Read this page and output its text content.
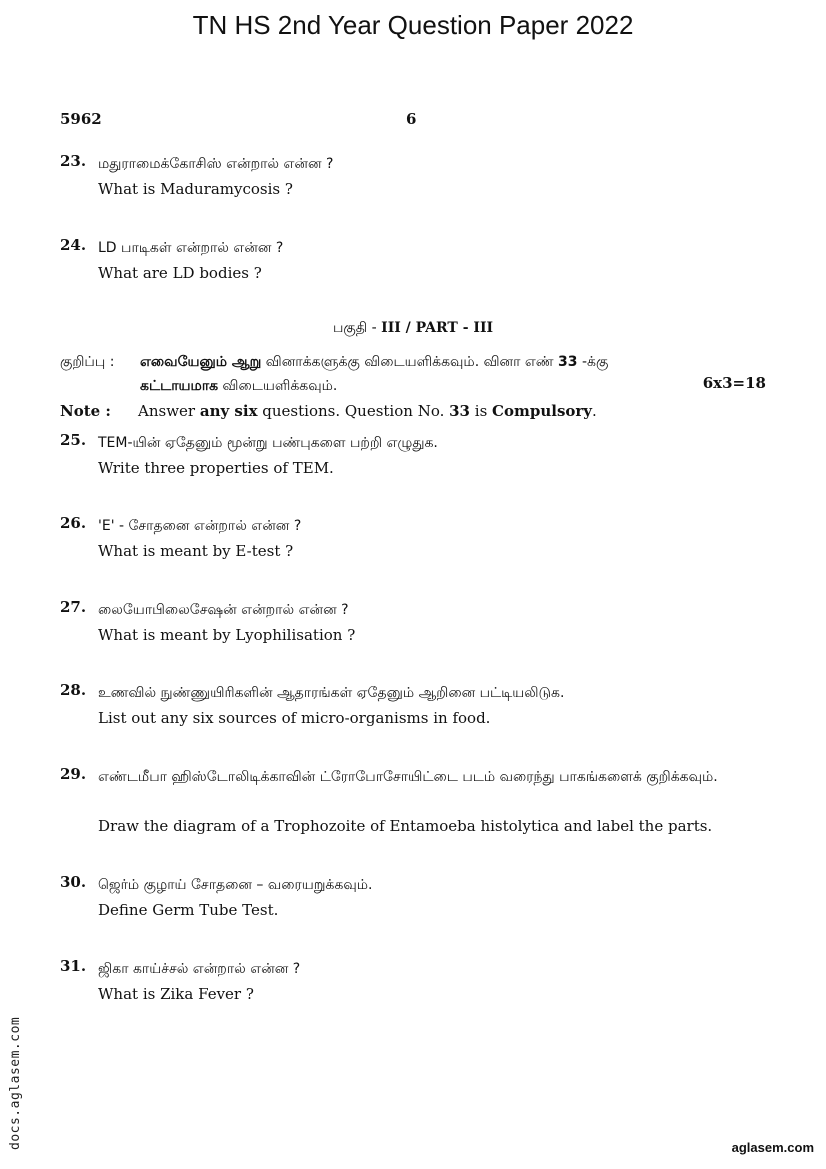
TN HS 2nd Year Question Paper 2022
5962	6
23. மதுராமைக்கோசிஸ் என்றால் என்ன ?
What is Maduramycosis ?
24. LD பாடிகள் என்றால் என்ன ?
What are LD bodies ?
பகுதி - III / PART - III
குறிப்பு : எவையேனும் ஆறு வினாக்களுக்கு விடையளிக்கவும். வினா எண் 33 -க்கு
கட்டாயமாக விடையளிக்கவும்.	6x3=18
Note : Answer any six questions. Question No. 33 is Compulsory.
25. TEM-யின் ஏதேனும் மூன்று பண்புகளை பற்றி எழுதுக.
Write three properties of TEM.
26. 'E' - சோதனை என்றால் என்ன ?
What is meant by E-test ?
27. லையோபிலைசேஷன் என்றால் என்ன ?
What is meant by Lyophilisation ?
28. உணவில் நுண்ணுயிரிகளின் ஆதாரங்கள் ஏதேனும் ஆறினை பட்டியலிடுக.
List out any six sources of micro-organisms in food.
29. எண்டமீபா ஹிஸ்டோலிடிக்காவின் ட்ரோபோசோயிட்டை படம் வரைந்து பாகங்களைக் குறிக்கவும்.
Draw the diagram of a Trophozoite of Entamoeba histolytica and label the parts.
30. ஜெர்ம் குழாய் சோதனை – வரையறுக்கவும்.
Define Germ Tube Test.
31. ஜிகா காய்ச்சல் என்றால் என்ன ?
What is Zika Fever ?
docs.aglasem.com	aglasem.com
